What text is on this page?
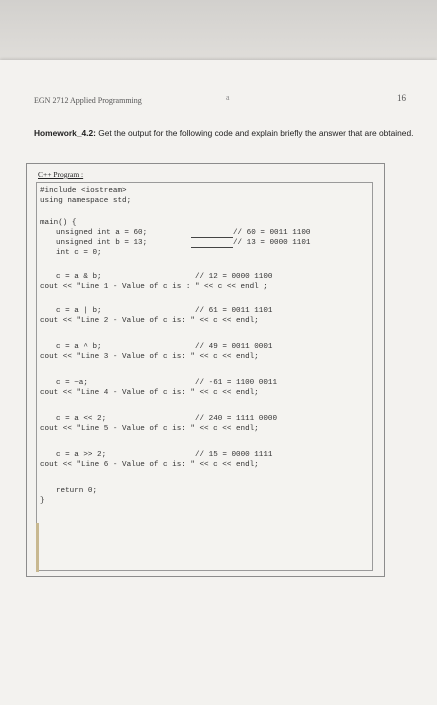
EGN 2712 Applied Programming	a	16
Homework_4.2: Get the output for the following code and explain briefly the answer that are obtained.
C++ Program :
#include <iostream>
using namespace std;
main() {
unsigned int a = 60;	// 60 = 0011 1100
unsigned int b = 13;	// 13 = 0000 1101
int c = 0;
c = a & b;	// 12 = 0000 1100
cout << "Line 1 - Value of c is : " << c << endl ;
c = a | b;	// 61 = 0011 1101
cout << "Line 2 - Value of c is: " << c << endl;
c = a ^ b;	// 49 = 0011 0001
cout << "Line 3 - Value of c is: " << c << endl;
c = ~a;	// -61 = 1100 0011
cout << "Line 4 - Value of c is: " << c << endl;
c = a << 2;	// 240 = 1111 0000
cout << "Line 5 - Value of c is: " << c << endl;
c = a >> 2;	// 15 = 0000 1111
cout << "Line 6 - Value of c is: " << c << endl;
return 0;
}
